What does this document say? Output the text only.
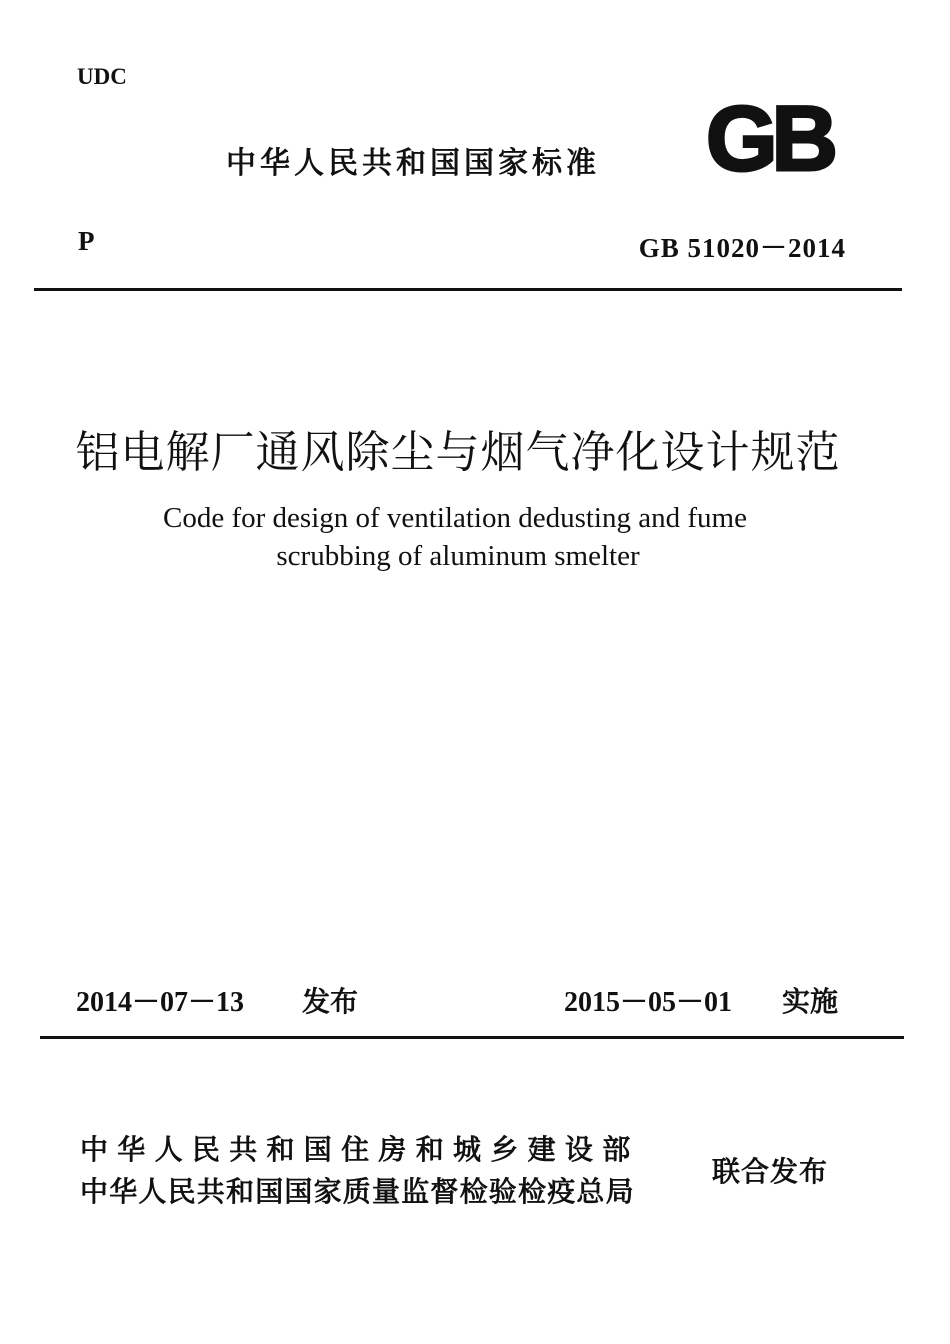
UDC
中华人民共和国国家标准 GB
P	GB 51020－2014
铝电解厂通风除尘与烟气净化设计规范
Code for design of ventilation dedusting and fume
scrubbing of aluminum smelter
2014－07－13 发布	2015－05－01 实施
中华人民共和国住房和城乡建设部
中华人民共和国国家质量监督检验检疫总局
联合发布
